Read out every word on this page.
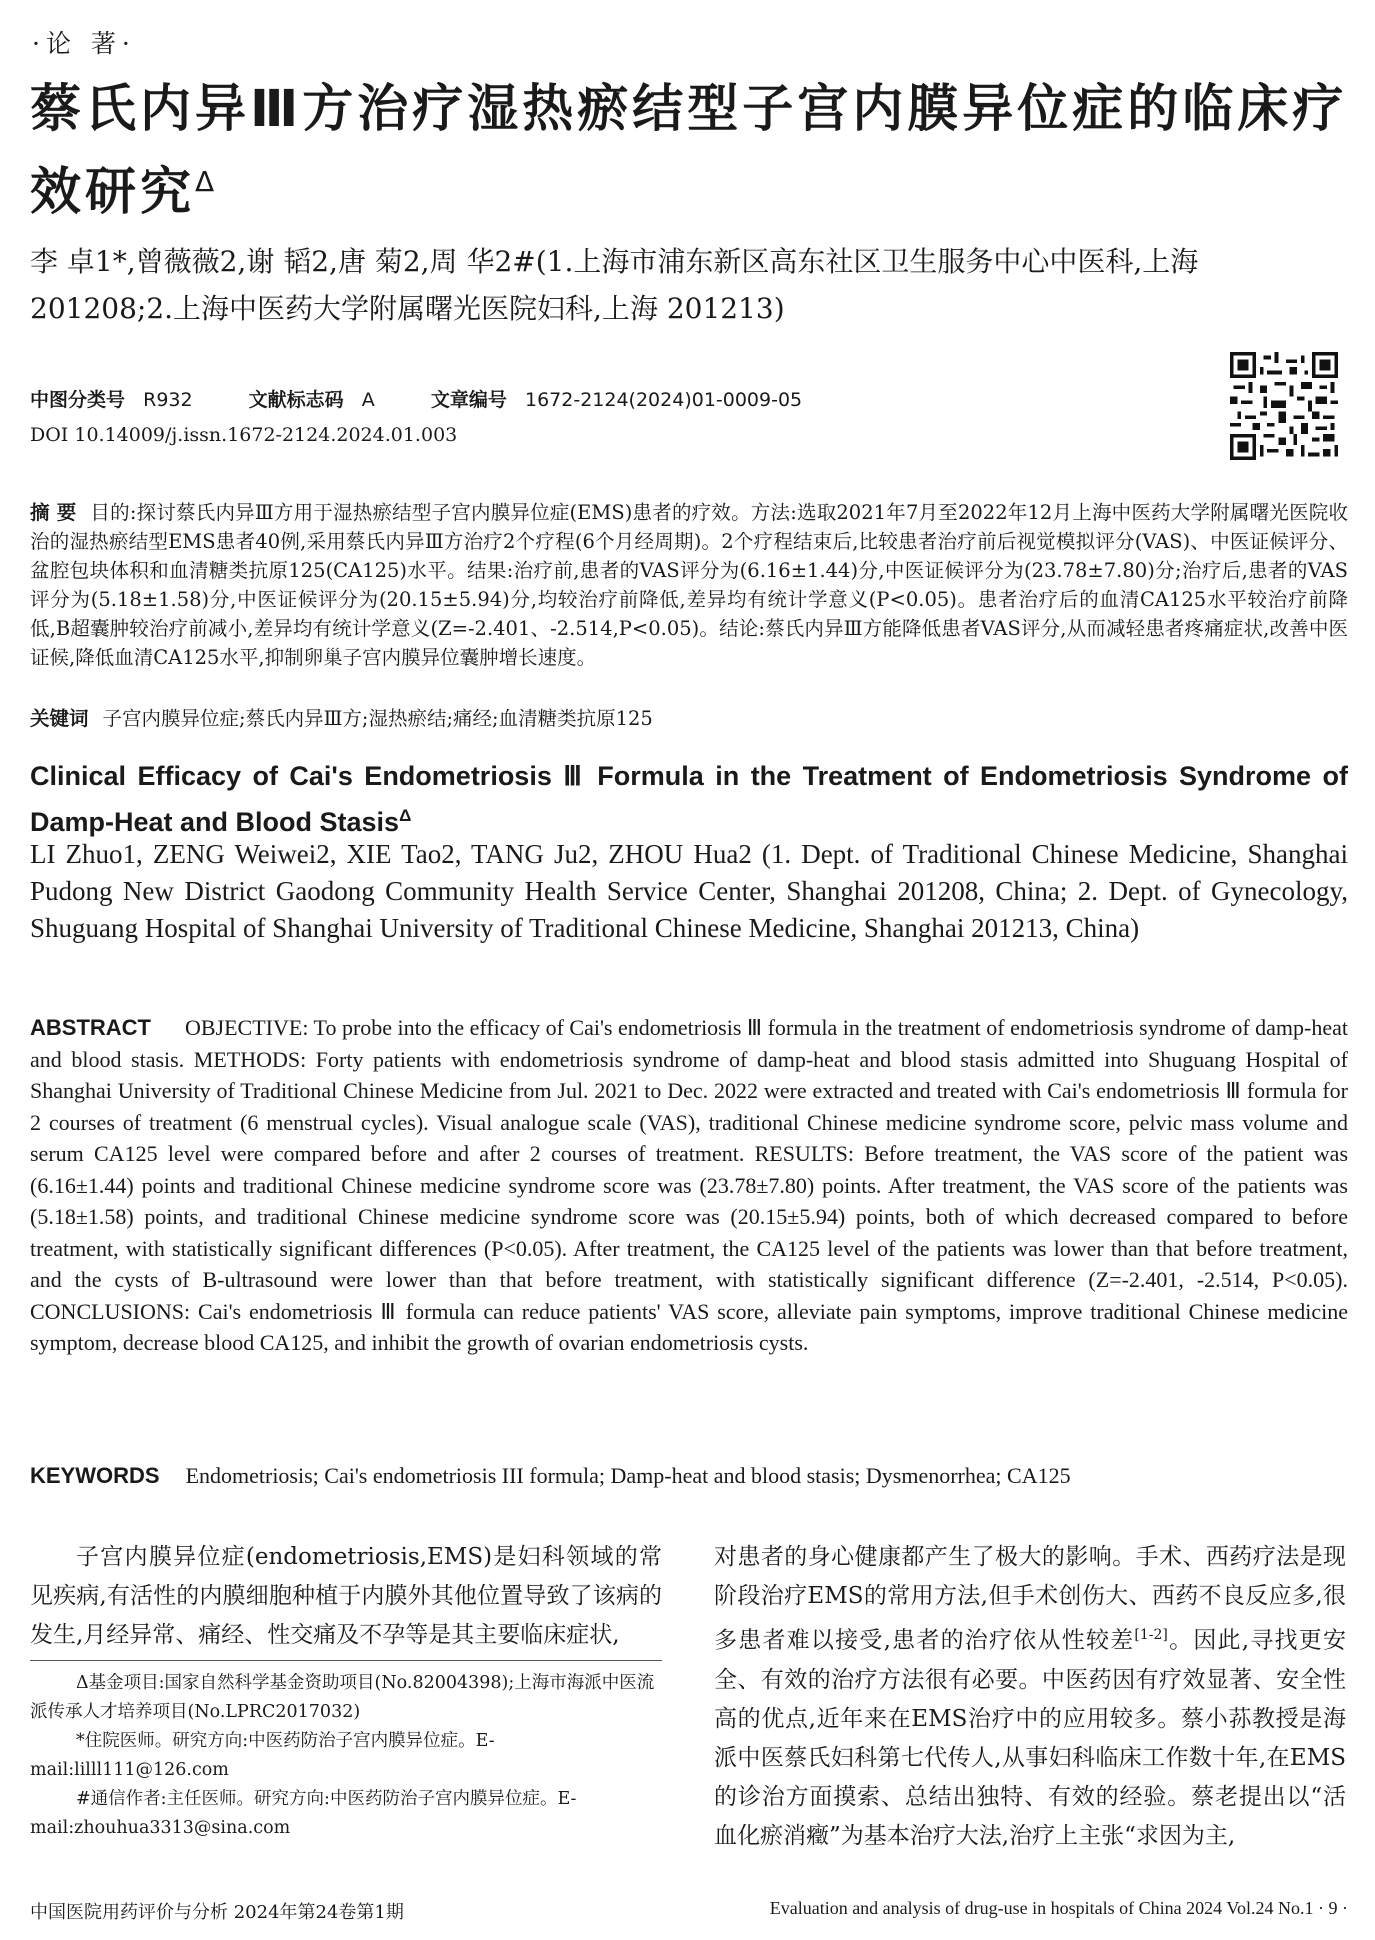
·论 著·
蔡氏内异Ⅲ方治疗湿热瘀结型子宫内膜异位症的临床疗效研究$^\Delta$
李 卓1*,曾薇薇2,谢 韬2,唐 菊2,周 华2#(1.上海市浦东新区高东社区卫生服务中心中医科,上海 201208;2.上海中医药大学附属曙光医院妇科,上海 201213)
中图分类号 R932	文献标志码 A	文章编号 1672-2124(2024)01-0009-05
DOI 10.14009/j.issn.1672-2124.2024.01.003
摘 要 目的:探讨蔡氏内异Ⅲ方用于湿热瘀结型子宫内膜异位症(EMS)患者的疗效。方法:选取2021年7月至2022年12月上海中医药大学附属曙光医院收治的湿热瘀结型EMS患者40例,采用蔡氏内异Ⅲ方治疗2个疗程(6个月经周期)。2个疗程结束后,比较患者治疗前后视觉模拟评分(VAS)、中医证候评分、盆腔包块体积和血清糖类抗原125(CA125)水平。结果:治疗前,患者的VAS评分为(6.16±1.44)分,中医证候评分为(23.78±7.80)分;治疗后,患者的VAS评分为(5.18±1.58)分,中医证候评分为(20.15±5.94)分,均较治疗前降低,差异均有统计学意义(P<0.05)。患者治疗后的血清CA125水平较治疗前降低,B超囊肿较治疗前减小,差异均有统计学意义(Z=-2.401、-2.514,P<0.05)。结论:蔡氏内异Ⅲ方能降低患者VAS评分,从而减轻患者疼痛症状,改善中医证候,降低血清CA125水平,抑制卵巢子宫内膜异位囊肿增长速度。
关键词 子宫内膜异位症;蔡氏内异Ⅲ方;湿热瘀结;痛经;血清糖类抗原125
Clinical Efficacy of Cai's Endometriosis Ⅲ Formula in the Treatment of Endometriosis Syndrome of Damp-Heat and Blood Stasis$^\Delta$
LI Zhuo1, ZENG Weiwei2, XIE Tao2, TANG Ju2, ZHOU Hua2 (1. Dept. of Traditional Chinese Medicine, Shanghai Pudong New District Gaodong Community Health Service Center, Shanghai 201208, China; 2. Dept. of Gynecology, Shuguang Hospital of Shanghai University of Traditional Chinese Medicine, Shanghai 201213, China)
ABSTRACT OBJECTIVE: To probe into the efficacy of Cai's endometriosis Ⅲ formula in the treatment of endometriosis syndrome of damp-heat and blood stasis. METHODS: Forty patients with endometriosis syndrome of damp-heat and blood stasis admitted into Shuguang Hospital of Shanghai University of Traditional Chinese Medicine from Jul. 2021 to Dec. 2022 were extracted and treated with Cai's endometriosis Ⅲ formula for 2 courses of treatment (6 menstrual cycles). Visual analogue scale (VAS), traditional Chinese medicine syndrome score, pelvic mass volume and serum CA125 level were compared before and after 2 courses of treatment. RESULTS: Before treatment, the VAS score of the patient was (6.16±1.44) points and traditional Chinese medicine syndrome score was (23.78±7.80) points. After treatment, the VAS score of the patients was (5.18±1.58) points, and traditional Chinese medicine syndrome score was (20.15±5.94) points, both of which decreased compared to before treatment, with statistically significant differences (P<0.05). After treatment, the CA125 level of the patients was lower than that before treatment, and the cysts of B-ultrasound were lower than that before treatment, with statistically significant difference (Z=-2.401, -2.514, P<0.05). CONCLUSIONS: Cai's endometriosis Ⅲ formula can reduce patients' VAS score, alleviate pain symptoms, improve traditional Chinese medicine symptom, decrease blood CA125, and inhibit the growth of ovarian endometriosis cysts.
KEYWORDS Endometriosis; Cai's endometriosis III formula; Damp-heat and blood stasis; Dysmenorrhea; CA125
子宫内膜异位症(endometriosis,EMS)是妇科领域的常见疾病,有活性的内膜细胞种植于内膜外其他位置导致了该病的发生,月经异常、痛经、性交痛及不孕等是其主要临床症状,

Δ基金项目:国家自然科学基金资助项目(No.82004398);上海市海派中医流派传承人才培养项目(No.LPRC2017032)

*住院医师。研究方向:中医药防治子宫内膜异位症。E-mail:lilll111@126.com

#通信作者:主任医师。研究方向:中医药防治子宫内膜异位症。E-mail:zhouhua3313@sina.com

对患者的身心健康都产生了极大的影响。手术、西药疗法是现阶段治疗EMS的常用方法,但手术创伤大、西药不良反应多,很多患者难以接受,患者的治疗依从性较差[1-2]。因此,寻找更安全、有效的治疗方法很有必要。中医药因有疗效显著、安全性高的优点,近年来在EMS治疗中的应用较多。蔡小荪教授是海派中医蔡氏妇科第七代传人,从事妇科临床工作数十年,在EMS的诊治方面摸索、总结出独特、有效的经验。蔡老提出以“活血化瘀消癥”为基本治疗大法,治疗上主张“求因为主,
中国医院用药评价与分析 2024年第24卷第1期	Evaluation and analysis of drug-use in hospitals of China 2024 Vol.24 No.1 · 9 ·
